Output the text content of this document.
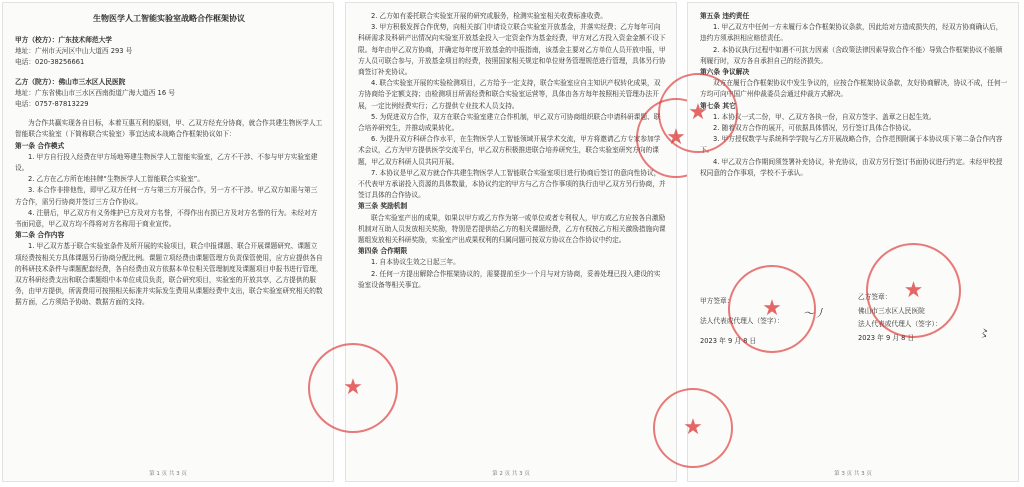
生物医学人工智能实验室战略合作框架协议

甲方（校方）：广东技术师范大学

地址：广州市天河区中山大道西 293 号

电话：020-38256661

乙方（院方）：佛山市三水区人民医院

地址：广东省佛山市三水区西南街道广海大道西 16 号

电话：0757-87813229

为合作共赢实现各自目标，本着互惠互利的原则，甲、乙双方经充分协商，就合作共建生物医学人工智能联合实验室（下简称联合实验室）事宜达成本战略合作框架协议如下：

第一条 合作模式

1. 甲方自行投入经费在甲方场地筹建生物医学人工智能实验室，乙方不干涉、不参与甲方实验室建设。

2. 乙方在乙方所在地挂牌“生物医学人工智能联合实验室”。

3. 本合作非排他性，即甲乙双方任何一方与第三方开展合作，另一方不干涉。甲乙双方如需与第三方合作，需另行协商并签订三方合作协议。

4. 注册后，甲乙双方有义务维护已方及对方名誉，不得作出有损已方及对方名誉的行为。未经对方书面同意，甲乙双方均不得将对方名称用于商业宣传。

第二条 合作内容

1. 甲乙双方基于联合实验室条件及所开展的实验项目，联合申报课题、联合开展课题研究、课题立项经费按相关方具体课题另行协商分配比例。课题立项经费由课题管理方负责保管使用，应方应提供各自的科研技术条件与课题配套经费，各自经费由双方依据本单位相关管理制度及课题项目申报书进行管理，双方科研经费支出和联合课题组中本单位成员负责，联合研究项目，实验室的开放共享，乙方提供的服务，由甲方提供，所需费用可按照相关标准并实际发生费用从课题经费中支出，联合实验室研究相关的数据方面，乙方须给予协助、数据方面的支持。

第 1 页 共 3 页

2. 乙方如有委托联合实验室开展的研究或服务，检测实验室相关收费标准收费。

3. 甲方积极发挥合作优势，向相关部门申请设立联合实验室开放基金，并落实经费；乙方每年可向科研需求及科研产出情况向实验室开放基金投入一定资金作为基金经费，甲方对乙方投入资金金额不设下限。每年由甲乙双方协商，并确定每年度开放基金的申报指南，该基金主要对乙方单位人员开放申报，甲方人员可联合参与，开放基金项目的经费，按照国家相关规定和单位财务管理规范进行管理，具体另行协商签订补充协议。

4. 联合实验室开展的实验检测项目，乙方给予一定支持，联合实验室应自主知识产权转化成果，双方协商给予定额支持；由检测项目所需经费和联合实验室运营等，具体由各方每年按照相关管理办法开展，一定比例经费实行；乙方提供专业技术人员支持。

5. 为促进双方合作，双方在联合实验室建立合作机制，甲乙双方可协商组织联合申请科研课题、联合培养研究生，并推动成果转化。

6. 为提升双方科研合作水平，在生物医学人工智能领域开展学术交流，甲方将邀请乙方专家参加学术会议，乙方为甲方提供医学交流平台，甲乙双方积极推进联合培养研究生，联合实验室研究方向的课题，甲乙双方科研人员共同开展。

7. 本协议是甲乙双方就合作共建生物医学人工智能联合实验室项目进行协商后签订的意向性协议，不代表甲方承诺投入资源的具体数量，本协议约定的甲方与乙方合作事项的执行由甲乙双方另行协商，并签订具体的合作协议。

第三条 奖励机制

联合实验室产出的成果，如果以甲方或乙方作为第一或单位或者专利权人，甲方或乙方应按各自激励机制对互助人员发放相关奖励，特别是若提供给乙方的相关课题经费，乙方有权按乙方相关激励措施向课题组发放相关科研奖励，实验室产出成果权利的归属问题可按双方协议在合作协议中约定。

第四条 合作期限

1. 自本协议生效之日起三年。

2. 任何一方提出解除合作框架协议的，需要提前至少一个月与对方协商，妥善处理已投入建设的实验室设备等相关事宜。

★
★
第 2 页 共 3 页

第五条 违约责任

1. 甲乙双方中任何一方未履行本合作框架协议条款，因此给对方造成损失的，经双方协商确认后，违约方须承担相应赔偿责任。

2. 本协议执行过程中如遇不可抗力因素（含政策法律因素导致合作不能）导致合作框架协议不能顺利履行时，双方各自承担自己的经济损失。

第六条 争议解决

双方在履行合作框架协议中发生争议的，应按合作框架协议条款，友好协商解决，协议不成，任何一方均可向中国广州仲裁委员会通过仲裁方式解决。

第七条 其它

1. 本协议一式二份，甲、乙双方各执一份，自双方签字、盖章之日起生效。

2. 随着双方合作的展开，可依据具体情况，另行签订具体合作协议。

3. 甲方授权数学与系统科学学院与乙方开展战略合作，合作范围附属于本协议项下第二条合作内容下。

4. 甲乙双方合作期间须签署补充协议，补充协议，由双方另行签订书面协议进行约定。未经甲校授权同意的合作事项，学校不予承认。

★
★

甲方签章：

法人代表或代理人（签字）：

2023 年 9 月 8 日

乙方签章：

佛山市三水区人民医院

法人代表或代理人（签字）：

2023 年 9 月 8 日

★
★
〜丿
〻
第 3 页 共 3 页
